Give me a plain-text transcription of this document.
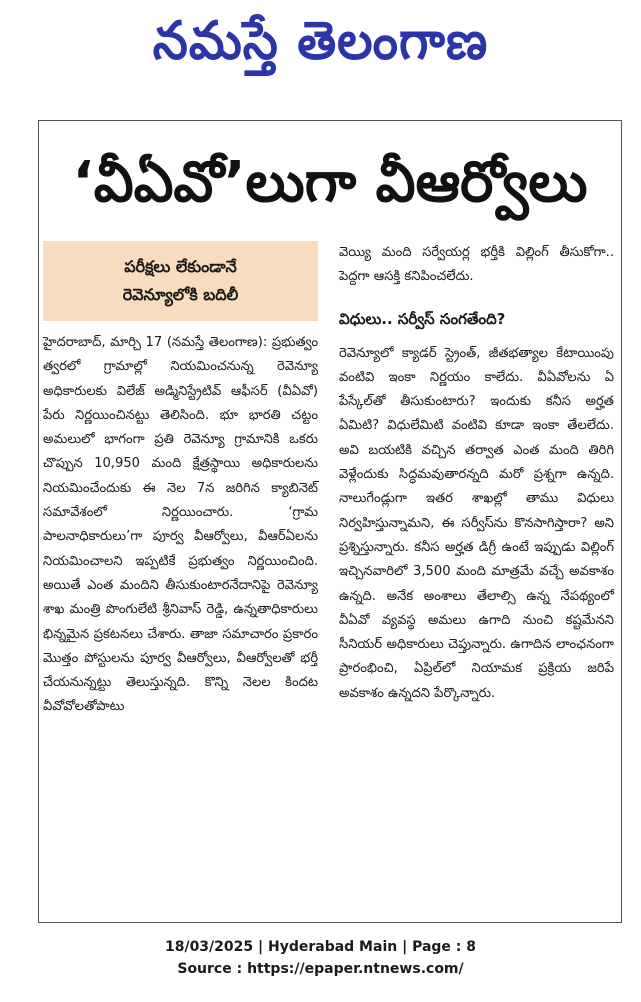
నమస్తే తెలంగాణ
‘వీఏవో’లుగా వీఆర్వోలు
పరీక్షలు లేకుండానే
రెవెన్యూలోకి బదిలీ

హైదరాబాద్, మార్చి 17 (నమస్తే తెలంగాణ): ప్రభుత్వం త్వరలో గ్రామాల్లో నియమించనున్న రెవెన్యూ అధికారులకు విలేజ్ అడ్మినిస్ట్రేటివ్ ఆఫీసర్ (వీఏవో) పేరు నిర్ణయించినట్టు తెలిసింది. భూ భారతి చట్టం అమలులో భాగంగా ప్రతి రెవెన్యూ గ్రామానికి ఒకరు చొప్పున 10,950 మంది క్షేత్రస్థాయి అధికారులను నియమించేందుకు ఈ నెల 7న జరిగిన క్యాబినెట్ సమావేశంలో నిర్ణయించారు. ‘గ్రామ పాలనాధికారులు’గా పూర్వ వీఆర్వోలు, వీఆర్ఏలను నియమించాలని ఇప్పటికే ప్రభుత్వం నిర్ణయించింది. అయితే ఎంత మందిని తీసుకుంటారనేదానిపై రెవెన్యూ శాఖ మంత్రి పొంగులేటి శ్రీనివాస్ రెడ్డి, ఉన్నతాధికారులు భిన్నమైన ప్రకటనలు చేశారు. తాజా సమాచారం ప్రకారం మొత్తం పోస్టులను పూర్వ వీఆర్వోలు, వీఆర్వోలతో భర్తీ చేయనున్నట్టు తెలుస్తున్నది. కొన్ని నెలల కిందట వీవోవోలతోపాటు

వెయ్యి మంది సర్వేయర్ల భర్తీకి విల్లింగ్ తీసుకోగా.. పెద్దగా ఆసక్తి కనిపించలేదు.

విధులు.. సర్వీస్ సంగతేంది?

రెవెన్యూలో క్యాడర్ స్ట్రెంత్, జీతభత్యాల కేటాయింపు వంటివి ఇంకా నిర్ణయం కాలేదు. వీఏవోలను ఏ పేస్కేల్‌తో తీసుకుంటారు? ఇందుకు కనీస అర్హత ఏమిటి? విధులేమిటి వంటివి కూడా ఇంకా తేలలేదు. అవి బయటికి వచ్చిన తర్వాత ఎంత మంది తిరిగి వెళ్లేందుకు సిద్ధమవుతారన్నది మరో ప్రశ్నగా ఉన్నది. నాలుగేండ్లుగా ఇతర శాఖల్లో తాము విధులు నిర్వహిస్తున్నామని, ఈ సర్వీస్‌ను కొనసాగిస్తారా? అని ప్రశ్నిస్తున్నారు. కనీస అర్హత డిగ్రీ ఉంటే ఇప్పుడు విల్లింగ్ ఇచ్చినవారిలో 3,500 మంది మాత్రమే వచ్చే అవకాశం ఉన్నది. అనేక అంశాలు తేలాల్సి ఉన్న నేపథ్యంలో వీఏవో వ్యవస్థ అమలు ఉగాది నుంచి కష్టమేనని సీనియర్ అధికారులు చెప్తున్నారు. ఉగాదిన లాంఛనంగా ప్రారంభించి, ఏప్రిల్‌లో నియామక ప్రక్రియ జరిపే అవకాశం ఉన్నదని పేర్కొన్నారు.

18/03/2025 | Hyderabad Main | Page : 8
Source : https://epaper.ntnews.com/
